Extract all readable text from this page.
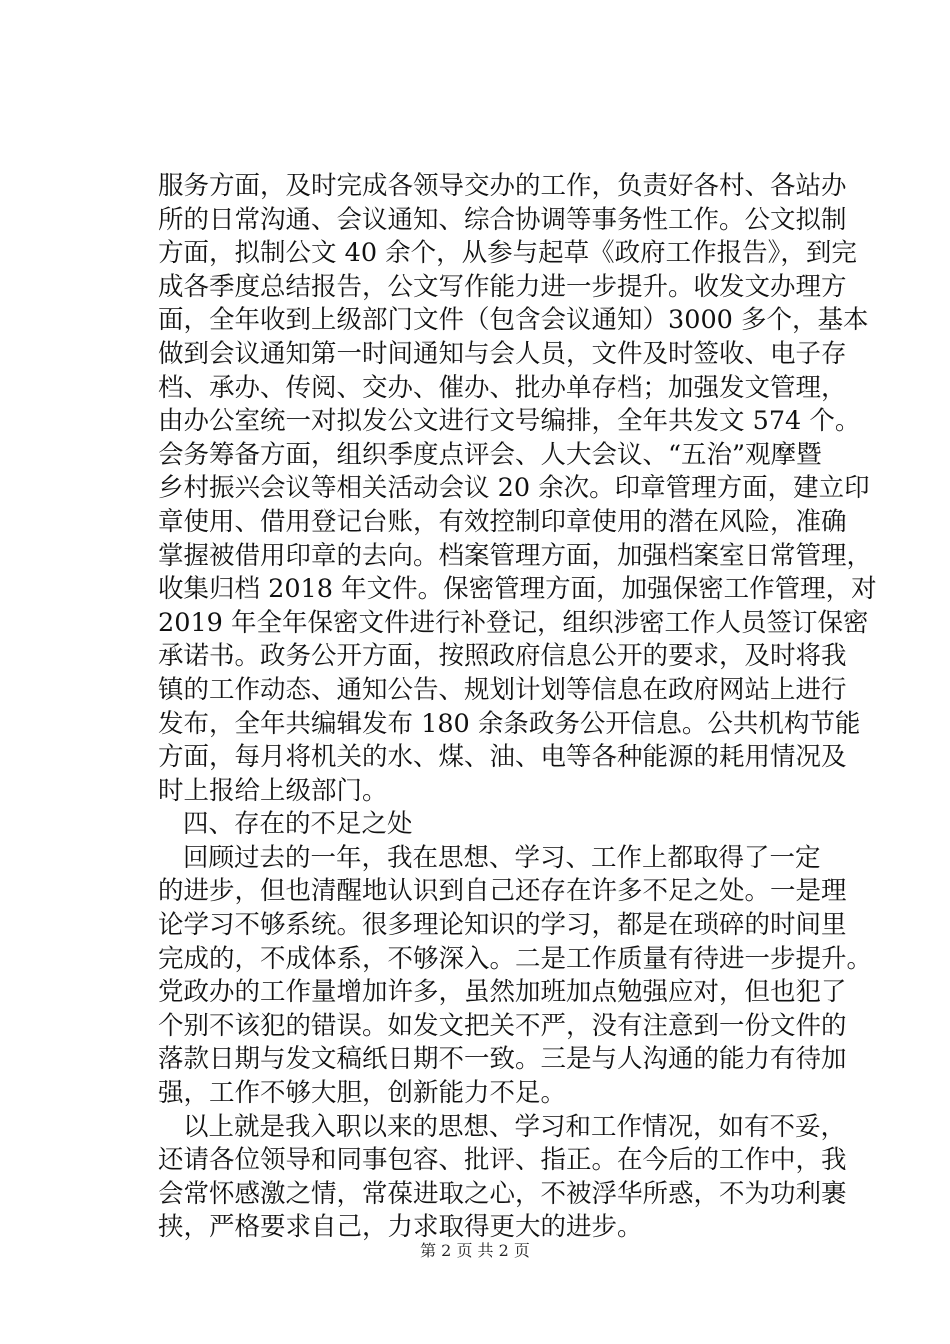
服务方面，及时完成各领导交办的工作，负责好各村、各站办
所的日常沟通、会议通知、综合协调等事务性工作。公文拟制
方面，拟制公文 40 余个，从参与起草《政府工作报告》，到完
成各季度总结报告，公文写作能力进一步提升。收发文办理方
面，全年收到上级部门文件（包含会议通知）3000 多个，基本
做到会议通知第一时间通知与会人员，文件及时签收、电子存
档、承办、传阅、交办、催办、批办单存档；加强发文管理，
由办公室统一对拟发公文进行文号编排，全年共发文 574 个。
会务筹备方面，组织季度点评会、人大会议、“五治”观摩暨
乡村振兴会议等相关活动会议 20 余次。印章管理方面，建立印
章使用、借用登记台账，有效控制印章使用的潜在风险，准确
掌握被借用印章的去向。档案管理方面，加强档案室日常管理，
收集归档 2018 年文件。保密管理方面，加强保密工作管理，对
2019 年全年保密文件进行补登记，组织涉密工作人员签订保密
承诺书。政务公开方面，按照政府信息公开的要求，及时将我
镇的工作动态、通知公告、规划计划等信息在政府网站上进行
发布，全年共编辑发布 180 余条政务公开信息。公共机构节能
方面，每月将机关的水、煤、油、电等各种能源的耗用情况及
时上报给上级部门。
四、存在的不足之处
回顾过去的一年，我在思想、学习、工作上都取得了一定
的进步，但也清醒地认识到自己还存在许多不足之处。一是理
论学习不够系统。很多理论知识的学习，都是在琐碎的时间里
完成的，不成体系，不够深入。二是工作质量有待进一步提升。
党政办的工作量增加许多，虽然加班加点勉强应对，但也犯了
个别不该犯的错误。如发文把关不严，没有注意到一份文件的
落款日期与发文稿纸日期不一致。三是与人沟通的能力有待加
强，工作不够大胆，创新能力不足。
以上就是我入职以来的思想、学习和工作情况，如有不妥，
还请各位领导和同事包容、批评、指正。在今后的工作中，我
会常怀感激之情，常葆进取之心，不被浮华所惑，不为功利裹
挟，严格要求自己，力求取得更大的进步。
第 2 页 共 2 页
